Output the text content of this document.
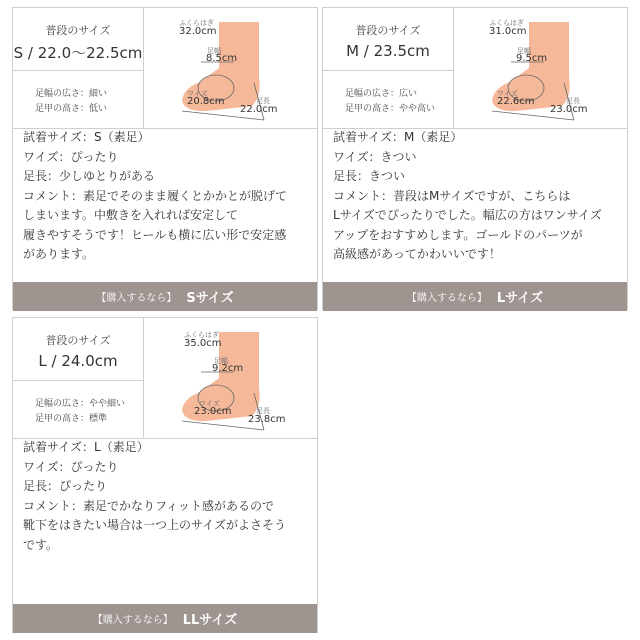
普段のサイズ
S / 22.0〜22.5cm
足幅の広さ：細い
足甲の高さ：低い
ふくらはぎ
32.0cm
足幅
8.5cm
ワイズ
20.8cm	足長
22.0cm
試着サイズ：S（素足）
ワイズ：ぴったり
足長：少しゆとりがある
コメント：素足でそのまま履くとかかとが脱げて
しまいます。中敷きを入れれば安定して
履きやすそうです！ヒールも横に広い形で安定感
があります。
【購入するなら】 Sサイズ
普段のサイズ
M / 23.5cm
足幅の広さ：広い
足甲の高さ：やや高い
ふくらはぎ
31.0cm
足幅
9.5cm
ワイズ
22.6cm	足長
23.0cm
試着サイズ：M（素足）
ワイズ：きつい
足長：きつい
コメント：普段はMサイズですが、こちらは
Lサイズでぴったりでした。幅広の方はワンサイズ
アップをおすすめします。ゴールドのパーツが
高級感があってかわいいです！
【購入するなら】 Lサイズ
普段のサイズ
L / 24.0cm
足幅の広さ：やや細い
足甲の高さ：標準
ふくらはぎ
35.0cm
足幅
9.2cm
ワイズ
23.0cm	足長
23.8cm
試着サイズ：L（素足）
ワイズ：ぴったり
足長：ぴったり
コメント：素足でかなりフィット感があるので
靴下をはきたい場合は一つ上のサイズがよさそう
です。
【購入するなら】 LLサイズ
